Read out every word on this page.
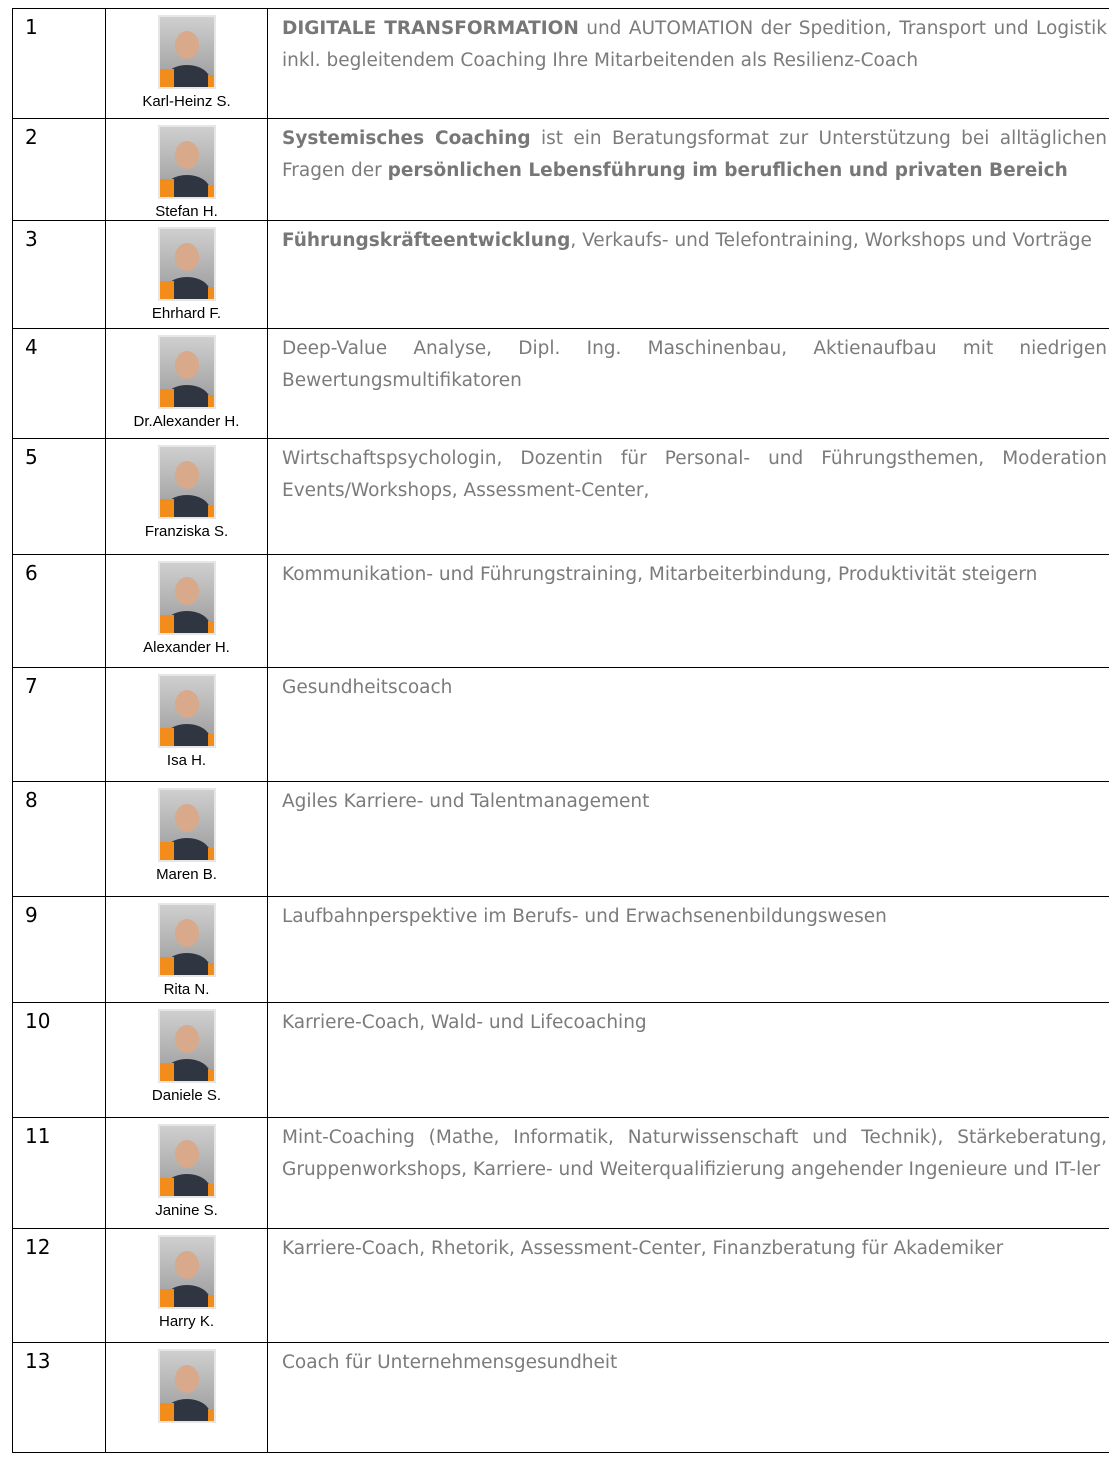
1	Karl-Heinz S.	DIGITALE TRANSFORMATION und AUTOMATION der Spedition, Transport und Logistik inkl. begleitendem Coaching Ihre Mitarbeitenden als Resilienz-Coach
2	Stefan H.	Systemisches Coaching ist ein Beratungsformat zur Unterstützung bei alltäglichen Fragen der persönlichen Lebensführung im beruflichen und privaten Bereich
3	Ehrhard F.	Führungskräfteentwicklung, Verkaufs- und Telefontraining, Workshops und Vorträge
4	Dr.Alexander H.	Deep-Value Analyse, Dipl. Ing. Maschinenbau, Aktienaufbau mit niedrigen Bewertungsmultifikatoren
5	Franziska S.	Wirtschaftspsychologin, Dozentin für Personal- und Führungsthemen, Moderation Events/Workshops, Assessment-Center,
6	Alexander H.	Kommunikation- und Führungstraining, Mitarbeiterbindung, Produktivität steigern
7	Isa H.	Gesundheitscoach
8	Maren B.	Agiles Karriere- und Talentmanagement
9	Rita N.	Laufbahnperspektive im Berufs- und Erwachsenenbildungswesen
10	Daniele S.	Karriere-Coach, Wald- und Lifecoaching
11	Janine S.	Mint-Coaching (Mathe, Informatik, Naturwissenschaft und Technik), Stärkeberatung, Gruppenworkshops, Karriere- und Weiterqualifizierung angehender Ingenieure und IT-ler
12	Harry K.	Karriere-Coach, Rhetorik, Assessment-Center, Finanzberatung für Akademiker
13		Coach für Unternehmensgesundheit
